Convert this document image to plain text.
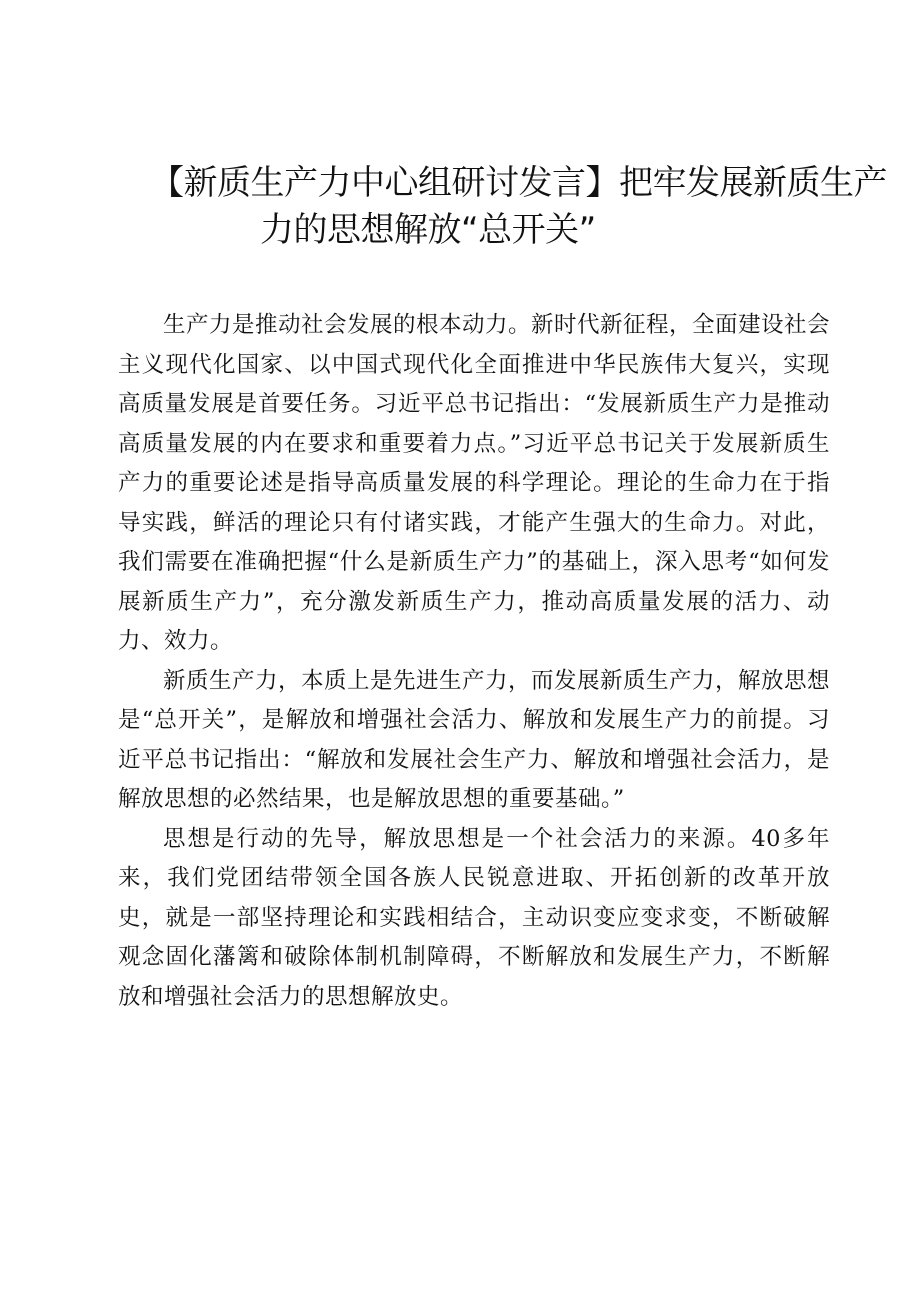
【新质生产力中心组研讨发言】把牢发展新质生产
力的思想解放“总开关”

生产力是推动社会发展的根本动力。新时代新征程，全面建设社会主义现代化国家、以中国式现代化全面推进中华民族伟大复兴，实现高质量发展是首要任务。习近平总书记指出：“发展新质生产力是推动高质量发展的内在要求和重要着力点。”习近平总书记关于发展新质生产力的重要论述是指导高质量发展的科学理论。理论的生命力在于指导实践，鲜活的理论只有付诸实践，才能产生强大的生命力。对此，我们需要在准确把握“什么是新质生产力”的基础上，深入思考“如何发展新质生产力”，充分激发新质生产力，推动高质量发展的活力、动力、效力。

新质生产力，本质上是先进生产力，而发展新质生产力，解放思想是“总开关”，是解放和增强社会活力、解放和发展生产力的前提。习近平总书记指出：“解放和发展社会生产力、解放和增强社会活力，是解放思想的必然结果，也是解放思想的重要基础。”

思想是行动的先导，解放思想是一个社会活力的来源。40多年来，我们党团结带领全国各族人民锐意进取、开拓创新的改革开放史，就是一部坚持理论和实践相结合，主动识变应变求变，不断破解观念固化藩篱和破除体制机制障碍，不断解放和发展生产力，不断解放和增强社会活力的思想解放史。
